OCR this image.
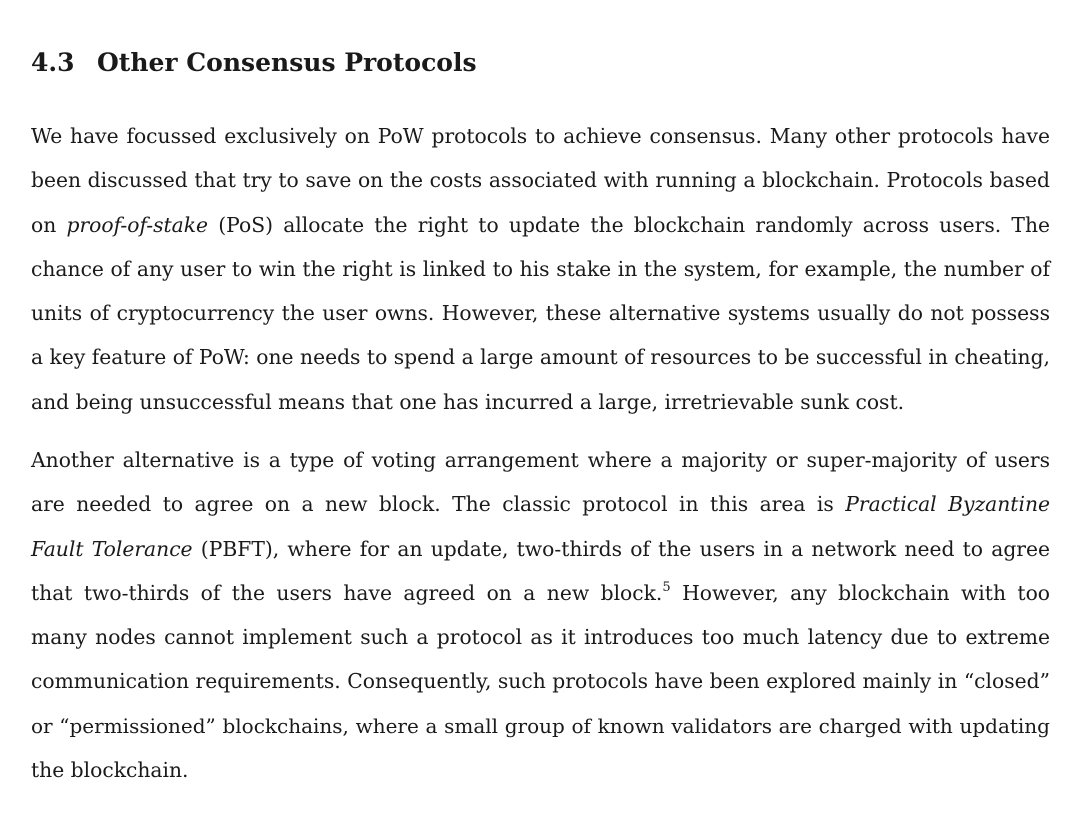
4.3 Other Consensus Protocols

We have focussed exclusively on PoW protocols to achieve consensus. Many other protocols have
been discussed that try to save on the costs associated with running a blockchain. Protocols based
on proof-of-stake (PoS) allocate the right to update the blockchain randomly across users. The
chance of any user to win the right is linked to his stake in the system, for example, the number of
units of cryptocurrency the user owns. However, these alternative systems usually do not possess
a key feature of PoW: one needs to spend a large amount of resources to be successful in cheating,
and being unsuccessful means that one has incurred a large, irretrievable sunk cost.

Another alternative is a type of voting arrangement where a majority or super-majority of users
are needed to agree on a new block. The classic protocol in this area is Practical Byzantine
Fault Tolerance (PBFT), where for an update, two-thirds of the users in a network need to agree
that two-thirds of the users have agreed on a new block.$^5$ However, any blockchain with too
many nodes cannot implement such a protocol as it introduces too much latency due to extreme
communication requirements. Consequently, such protocols have been explored mainly in “closed”
or “permissioned” blockchains, where a small group of known validators are charged with updating
the blockchain.
